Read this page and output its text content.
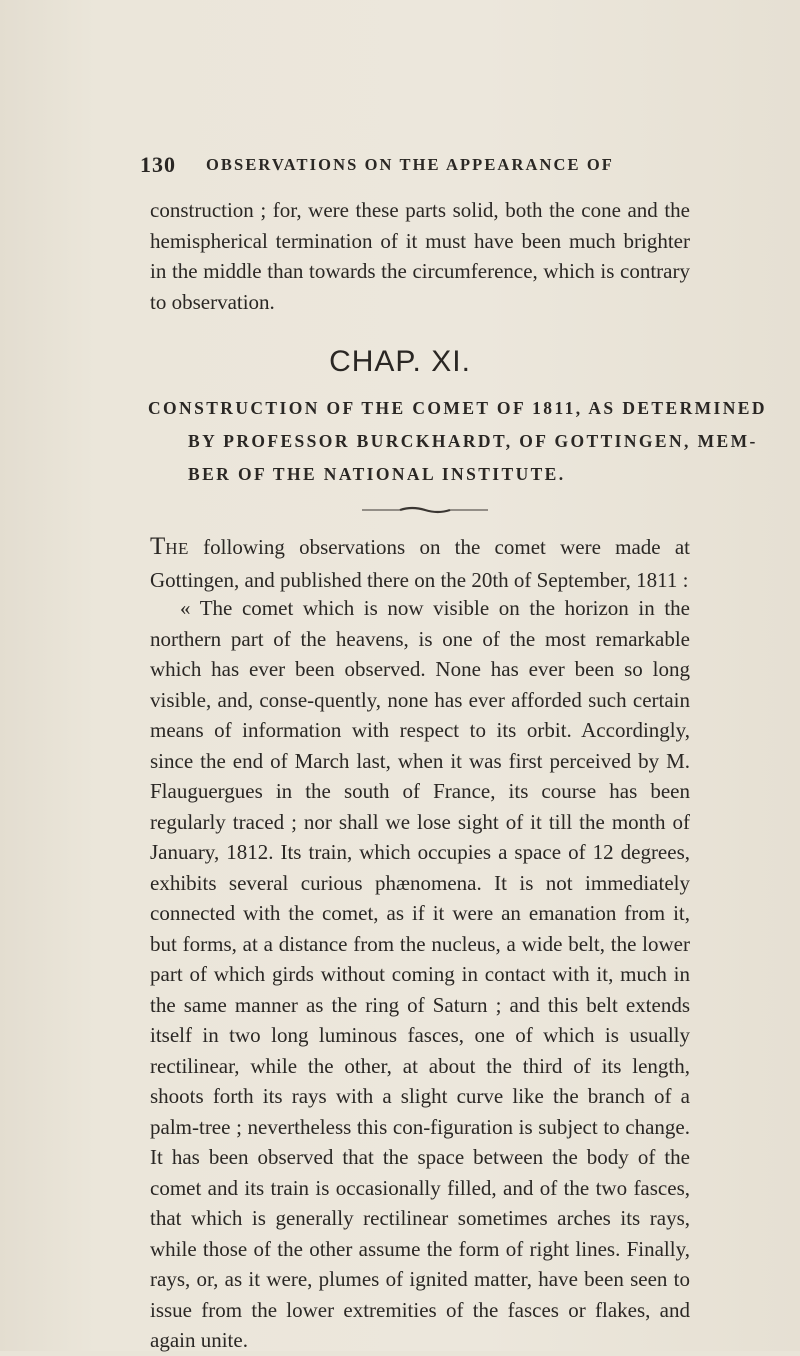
130 OBSERVATIONS ON THE APPEARANCE OF

construction ; for, were these parts solid, both the cone and the hemispherical termination of it must have been much brighter in the middle than towards the circumference, which is contrary to observation.

CHAP. XI.
CONSTRUCTION OF THE COMET OF 1811, AS DETERMINED
BY PROFESSOR BURCKHARDT, OF GOTTINGEN, MEM-
BER OF THE NATIONAL INSTITUTE.

THE following observations on the comet were made at Gottingen, and published there on the 20th of September, 1811 :

« The comet which is now visible on the horizon in the northern part of the heavens, is one of the most remarkable which has ever been observed. None has ever been so long visible, and, conse-quently, none has ever afforded such certain means of information with respect to its orbit. Accordingly, since the end of March last, when it was first perceived by M. Flauguergues in the south of France, its course has been regularly traced ; nor shall we lose sight of it till the month of January, 1812. Its train, which occupies a space of 12 degrees, exhibits several curious phænomena. It is not immediately connected with the comet, as if it were an emanation from it, but forms, at a distance from the nucleus, a wide belt, the lower part of which girds without coming in contact with it, much in the same manner as the ring of Saturn ; and this belt extends itself in two long luminous fasces, one of which is usually rectilinear, while the other, at about the third of its length, shoots forth its rays with a slight curve like the branch of a palm-tree ; nevertheless this con-figuration is subject to change. It has been observed that the space between the body of the comet and its train is occasionally filled, and of the two fasces, that which is generally rectilinear sometimes arches its rays, while those of the other assume the form of right lines. Finally, rays, or, as it were, plumes of ignited matter, have been seen to issue from the lower extremities of the fasces or flakes, and again unite.
